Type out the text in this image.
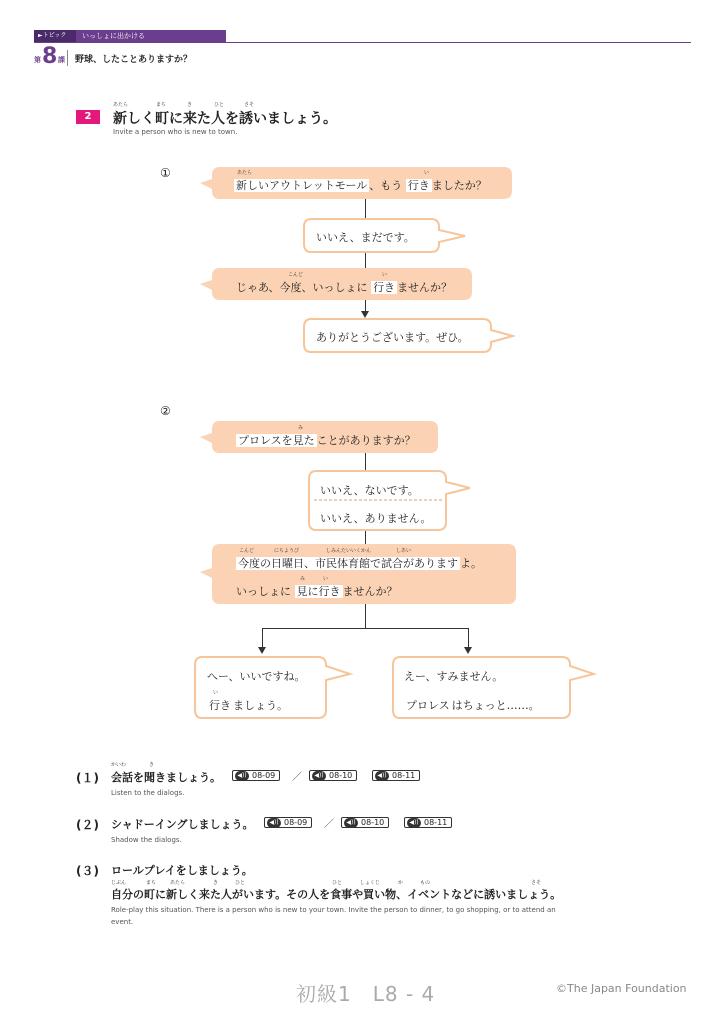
►トピック	いっしょに出かける
第 8 課 野球、したことありますか？
2
あたら	まち	き	ひと	さそ
新しく町に来た人を誘いましょう。
Invite a person who is new to town.
①	あたら	い
新しいアウトレットモール 、もう 行き ましたか？
いいえ、まだです。
こんど	い
じゃあ、今度、いっしょに 行き ませんか？
ありがとうございます。ぜひ。
②
み
プロレスを見た ことがありますか？
いいえ、ないです。
いいえ、ありません。
こんど	にちようび	しみんたいいくかん	しあい
今度の日曜日、市民体育館で試合があります よ。
み	い
いっしょに 見に行き ませんか？
へー、いいですね。
い
行き ましょう。
えー、すみません。
プロレス はちょっと……。
(１)
かいわ	き
会話を聞きましょう。	◀)) 08-09 ／	◀)) 08-10	◀)) 08-11
Listen to the dialogs.
(２) シャドーイングしましょう。	◀)) 08-09 ／	◀)) 08-10	◀)) 08-11
Shadow the dialogs.
(３) ロールプレイをしましょう。
じぶん	まち	あたら	き	ひと	ひと	しょくじ	か	もの	さそ
自分の町に新しく来た人がいます。その人を食事や買い物、イベントなどに誘いましょう。
Role-play this situation. There is a person who is new to your town. Invite the person to dinner, to go shopping, or to attend an
event.
初級1　L8 - 4	©The Japan Foundation
